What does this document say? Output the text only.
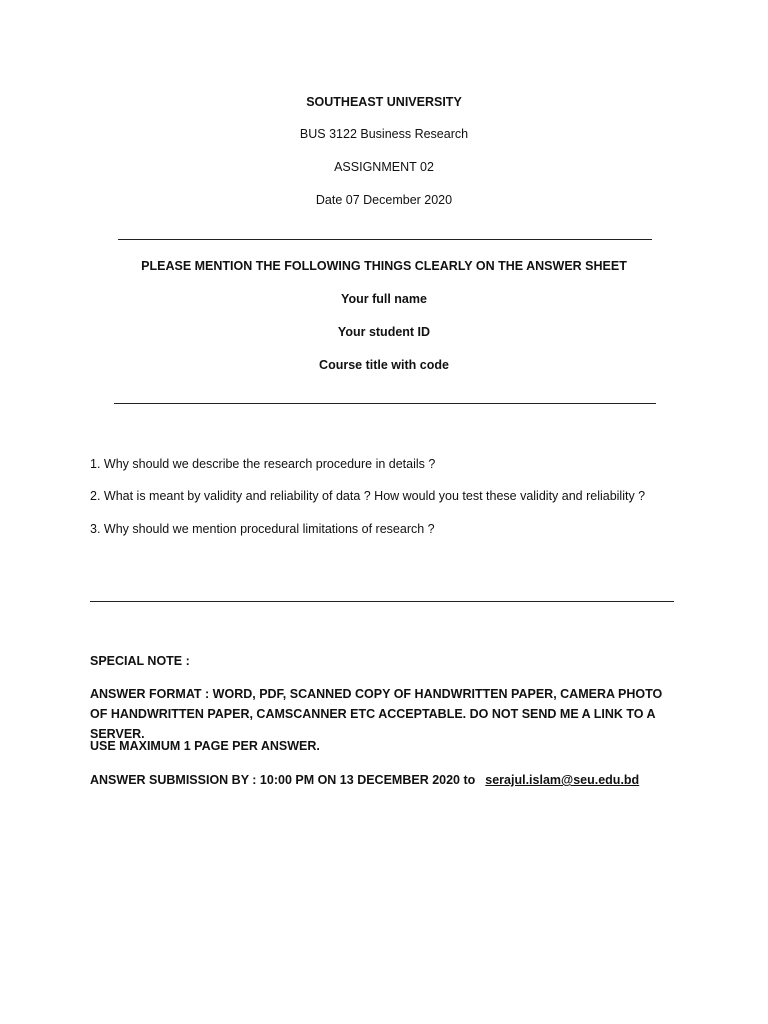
SOUTHEAST UNIVERSITY
BUS 3122 Business Research
ASSIGNMENT 02
Date 07 December 2020
PLEASE MENTION THE FOLLOWING THINGS CLEARLY ON THE ANSWER SHEET
Your full name
Your student ID
Course title with code
1. Why should we describe the research procedure in details ?
2. What is meant by validity and reliability of data ? How would you test these validity and reliability ?
3. Why should we mention procedural limitations of research ?
SPECIAL NOTE :
ANSWER FORMAT : WORD, PDF, SCANNED COPY OF HANDWRITTEN PAPER, CAMERA PHOTO OF HANDWRITTEN PAPER, CAMSCANNER ETC ACCEPTABLE. DO NOT SEND ME A LINK TO A SERVER.
USE MAXIMUM 1 PAGE PER ANSWER.
ANSWER SUBMISSION BY : 10:00 PM ON 13 DECEMBER 2020 to serajul.islam@seu.edu.bd
